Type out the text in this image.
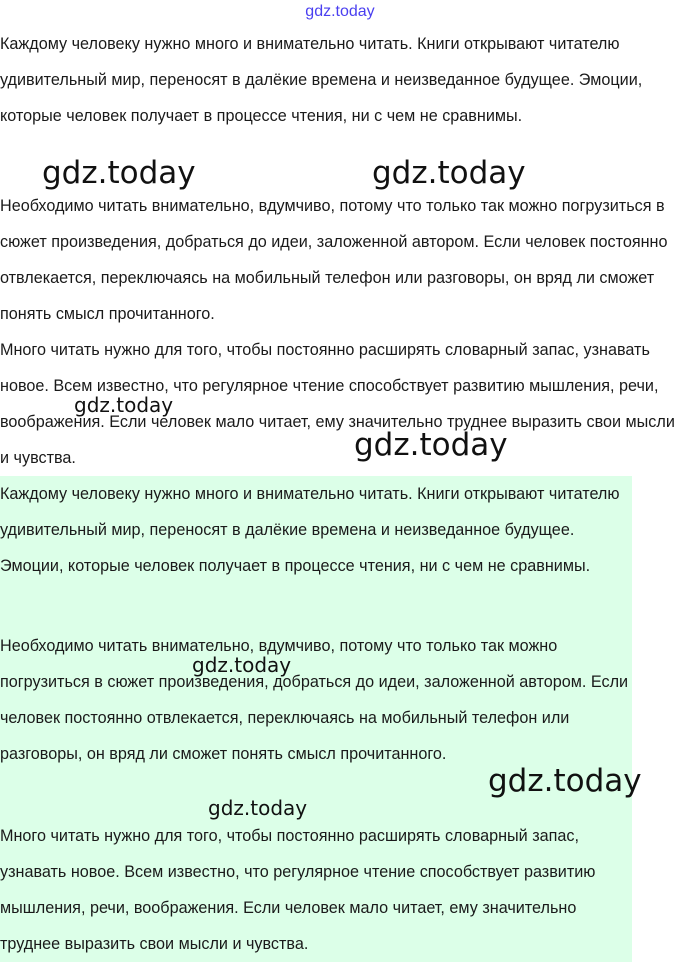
gdz.today

Каждому человеку нужно много и внимательно читать. Книги открывают читателю удивительный мир, переносят в далёкие времена и неизведанное будущее. Эмоции, которые человек получает в процессе чтения, ни с чем не сравнимы.

Необходимо читать внимательно, вдумчиво, потому что только так можно погрузиться в сюжет произведения, добраться до идеи, заложенной автором. Если человек постоянно отвлекается, переключаясь на мобильный телефон или разговоры, он вряд ли сможет понять смысл прочитанного.

Много читать нужно для того, чтобы постоянно расширять словарный запас, узнавать новое. Всем известно, что регулярное чтение способствует развитию мышления, речи, воображения. Если человек мало читает, ему значительно труднее выразить свои мысли и чувства.

Каждому человеку нужно много и внимательно читать. Книги открывают читателю удивительный мир, переносят в далёкие времена и неизведанное будущее. Эмоции, которые человек получает в процессе чтения, ни с чем не сравнимы.

Необходимо читать внимательно, вдумчиво, потому что только так можно погрузиться в сюжет произведения, добраться до идеи, заложенной автором. Если человек постоянно отвлекается, переключаясь на мобильный телефон или разговоры, он вряд ли сможет понять смысл прочитанного.

Много читать нужно для того, чтобы постоянно расширять словарный запас, узнавать новое. Всем известно, что регулярное чтение способствует развитию мышления, речи, воображения. Если человек мало читает, ему значительно труднее выразить свои мысли и чувства.

gdz.today	gdz.today
gdz.today
gdz.today
gdz.today
gdz.today
gdz.today
